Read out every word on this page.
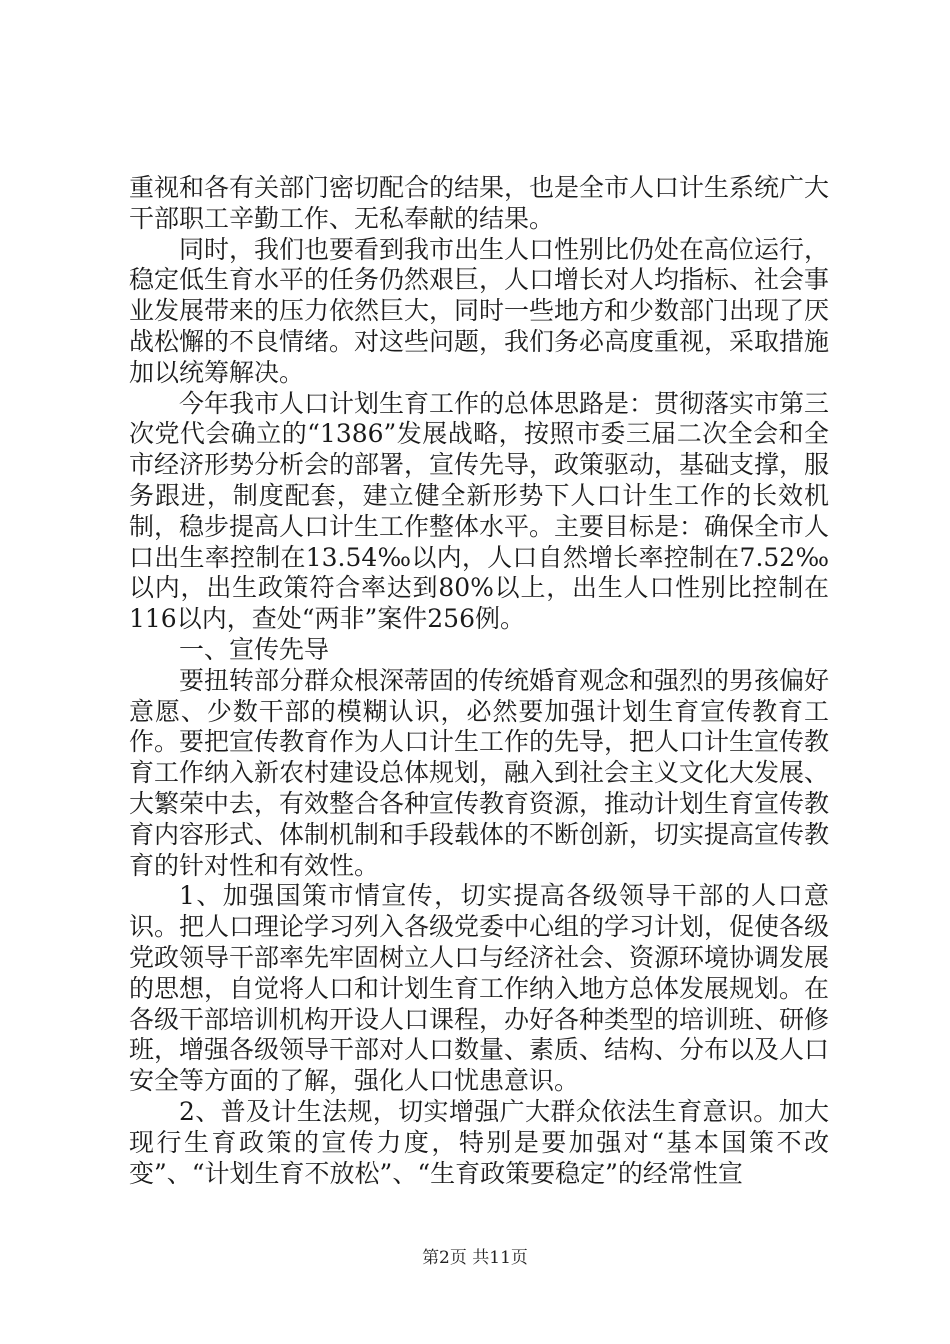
重视和各有关部门密切配合的结果，也是全市人口计生系统广大干部职工辛勤工作、无私奉献的结果。

同时，我们也要看到我市出生人口性别比仍处在高位运行，稳定低生育水平的任务仍然艰巨，人口增长对人均指标、社会事业发展带来的压力依然巨大，同时一些地方和少数部门出现了厌战松懈的不良情绪。对这些问题，我们务必高度重视，采取措施加以统筹解决。

今年我市人口计划生育工作的总体思路是：贯彻落实市第三次党代会确立的“1386”发展战略，按照市委三届二次全会和全市经济形势分析会的部署，宣传先导，政策驱动，基础支撑，服务跟进，制度配套，建立健全新形势下人口计生工作的长效机制，稳步提高人口计生工作整体水平。主要目标是：确保全市人口出生率控制在13.54‰以内，人口自然增长率控制在7.52‰以内，出生政策符合率达到80%以上，出生人口性别比控制在116以内，查处“两非”案件256例。

一、宣传先导

要扭转部分群众根深蒂固的传统婚育观念和强烈的男孩偏好意愿、少数干部的模糊认识，必然要加强计划生育宣传教育工作。要把宣传教育作为人口计生工作的先导，把人口计生宣传教育工作纳入新农村建设总体规划，融入到社会主义文化大发展、大繁荣中去，有效整合各种宣传教育资源，推动计划生育宣传教育内容形式、体制机制和手段载体的不断创新，切实提高宣传教育的针对性和有效性。

1、加强国策市情宣传，切实提高各级领导干部的人口意识。把人口理论学习列入各级党委中心组的学习计划，促使各级党政领导干部率先牢固树立人口与经济社会、资源环境协调发展的思想，自觉将人口和计划生育工作纳入地方总体发展规划。在各级干部培训机构开设人口课程，办好各种类型的培训班、研修班，增强各级领导干部对人口数量、素质、结构、分布以及人口安全等方面的了解，强化人口忧患意识。

2、普及计生法规，切实增强广大群众依法生育意识。加大现行生育政策的宣传力度，特别是要加强对“基本国策不改变”、“计划生育不放松”、“生育政策要稳定”的经常性宣

第2页 共11页
